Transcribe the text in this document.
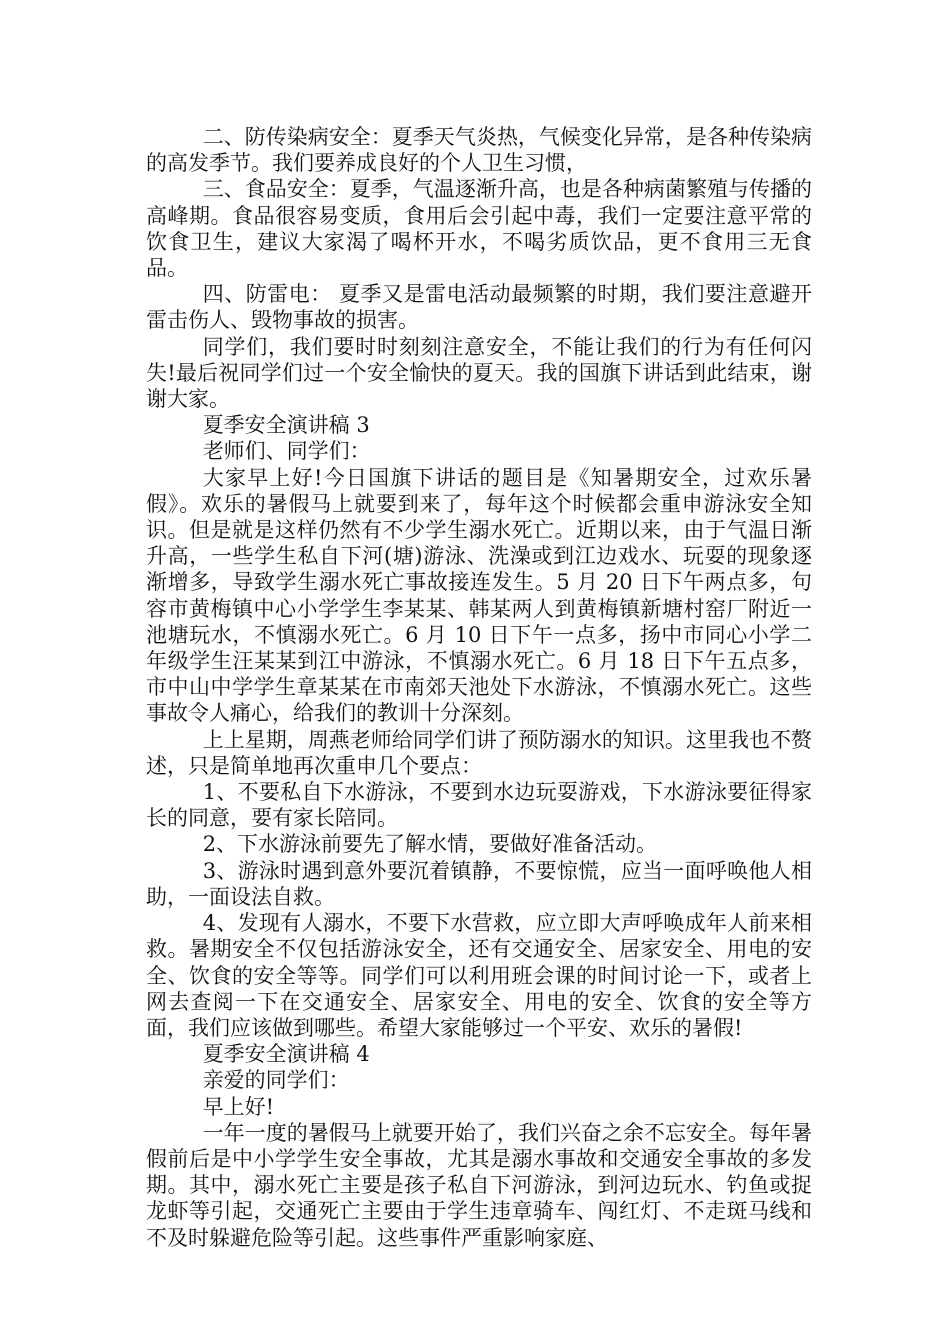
二、防传染病安全：夏季天气炎热，气候变化异常，是各种传染病的高发季节。我们要养成良好的个人卫生习惯，

三、食品安全：夏季，气温逐渐升高，也是各种病菌繁殖与传播的高峰期。食品很容易变质，食用后会引起中毒，我们一定要注意平常的饮食卫生，建议大家渴了喝杯开水，不喝劣质饮品，更不食用三无食品。

四、防雷电： 夏季又是雷电活动最频繁的时期，我们要注意避开雷击伤人、毁物事故的损害。

同学们，我们要时时刻刻注意安全，不能让我们的行为有任何闪失!最后祝同学们过一个安全愉快的夏天。我的国旗下讲话到此结束，谢谢大家。

夏季安全演讲稿 3

老师们、同学们：

大家早上好!今日国旗下讲话的题目是《知暑期安全，过欢乐暑假》。欢乐的暑假马上就要到来了，每年这个时候都会重申游泳安全知识。但是就是这样仍然有不少学生溺水死亡。近期以来，由于气温日渐升高，一些学生私自下河(塘)游泳、洗澡或到江边戏水、玩耍的现象逐渐增多，导致学生溺水死亡事故接连发生。5 月 20 日下午两点多，句容市黄梅镇中心小学学生李某某、韩某两人到黄梅镇新塘村窑厂附近一池塘玩水，不慎溺水死亡。6 月 10 日下午一点多，扬中市同心小学二年级学生汪某某到江中游泳，不慎溺水死亡。6 月 18 日下午五点多，市中山中学学生章某某在市南郊天池处下水游泳，不慎溺水死亡。这些事故令人痛心，给我们的教训十分深刻。

上上星期，周燕老师给同学们讲了预防溺水的知识。这里我也不赘述，只是简单地再次重申几个要点：

1、不要私自下水游泳，不要到水边玩耍游戏，下水游泳要征得家长的同意，要有家长陪同。

2、下水游泳前要先了解水情，要做好准备活动。

3、游泳时遇到意外要沉着镇静，不要惊慌，应当一面呼唤他人相助，一面设法自救。

4、发现有人溺水，不要下水营救，应立即大声呼唤成年人前来相救。暑期安全不仅包括游泳安全，还有交通安全、居家安全、用电的安全、饮食的安全等等。同学们可以利用班会课的时间讨论一下，或者上网去查阅一下在交通安全、居家安全、用电的安全、饮食的安全等方面，我们应该做到哪些。希望大家能够过一个平安、欢乐的暑假!

夏季安全演讲稿 4

亲爱的同学们：

早上好!

一年一度的暑假马上就要开始了，我们兴奋之余不忘安全。每年暑假前后是中小学学生安全事故，尤其是溺水事故和交通安全事故的多发期。其中，溺水死亡主要是孩子私自下河游泳，到河边玩水、钓鱼或捉龙虾等引起，交通死亡主要由于学生违章骑车、闯红灯、不走斑马线和不及时躲避危险等引起。这些事件严重影响家庭、
